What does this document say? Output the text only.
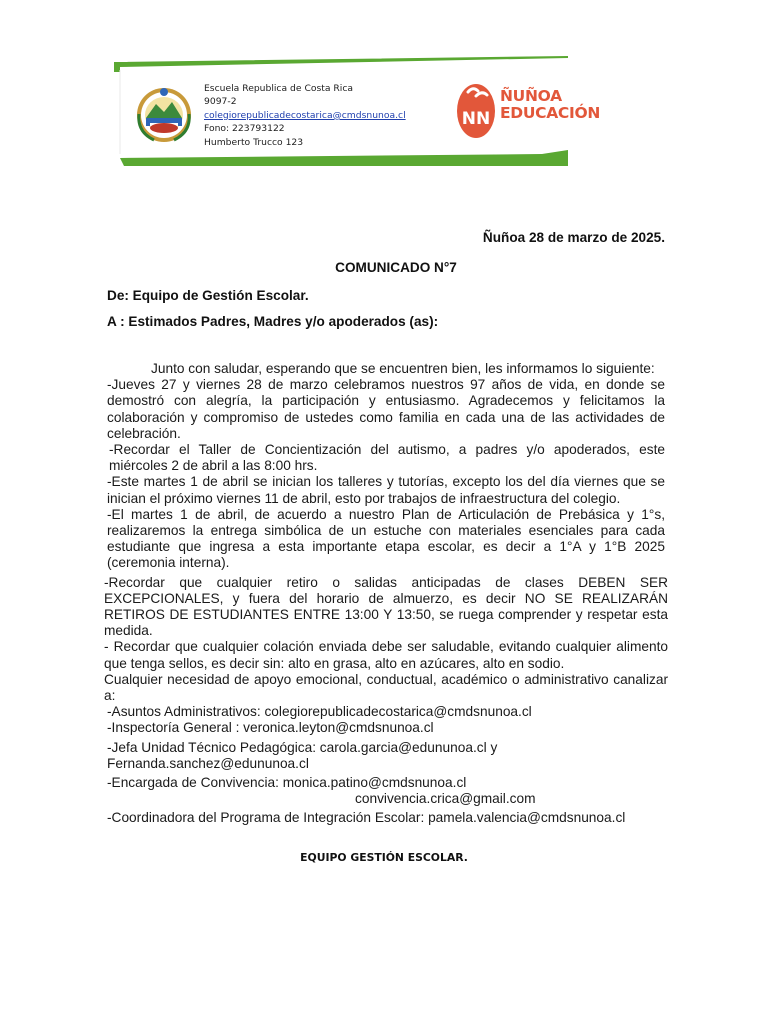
Escuela Republica de Costa Rica
9097-2
colegiorepublicadecostarica@cmdsnunoa.cl
Fono: 223793122
Humberto Trucco 123
NN
ÑUÑOA
EDUCACIÓN
Ñuñoa 28 de marzo de 2025.
COMUNICADO N°7
De: Equipo de Gestión Escolar.
A : Estimados Padres, Madres y/o apoderados (as):

Junto con saludar, esperando que se encuentren bien, les informamos lo siguiente:

-Jueves 27 y viernes 28 de marzo celebramos nuestros 97 años de vida, en donde se demostró con alegría, la participación y entusiasmo. Agradecemos y felicitamos la colaboración y compromiso de ustedes como familia en cada una de las actividades de celebración.

-Recordar el Taller de Concientización del autismo, a padres y/o apoderados, este miércoles 2 de abril a las 8:00 hrs.

-Este martes 1 de abril se inician los talleres y tutorías, excepto los del día viernes que se inician el próximo viernes 11 de abril, esto por trabajos de infraestructura del colegio.

-El martes 1 de abril, de acuerdo a nuestro Plan de Articulación de Prebásica y 1°s, realizaremos la entrega simbólica de un estuche con materiales esenciales para cada estudiante que ingresa a esta importante etapa escolar, es decir a 1°A y 1°B 2025 (ceremonia interna).

-Recordar que cualquier retiro o salidas anticipadas de clases DEBEN SER EXCEPCIONALES, y fuera del horario de almuerzo, es decir NO SE REALIZARÁN RETIROS DE ESTUDIANTES ENTRE 13:00 Y 13:50, se ruega comprender y respetar esta medida.

- Recordar que cualquier colación enviada debe ser saludable, evitando cualquier alimento que tenga sellos, es decir sin: alto en grasa, alto en azúcares, alto en sodio.

Cualquier necesidad de apoyo emocional, conductual, académico o administrativo canalizar a:

-Asuntos Administrativos: colegiorepublicadecostarica@cmdsnunoa.cl

-Inspectoría General : veronica.leyton@cmdsnunoa.cl

-Jefa Unidad Técnico Pedagógica: carola.garcia@edununoa.cl y

Fernanda.sanchez@edununoa.cl

-Encargada de Convivencia: monica.patino@cmdsnunoa.cl

convivencia.crica@gmail.com

-Coordinadora del Programa de Integración Escolar: pamela.valencia@cmdsnunoa.cl

EQUIPO GESTIÓN ESCOLAR.
